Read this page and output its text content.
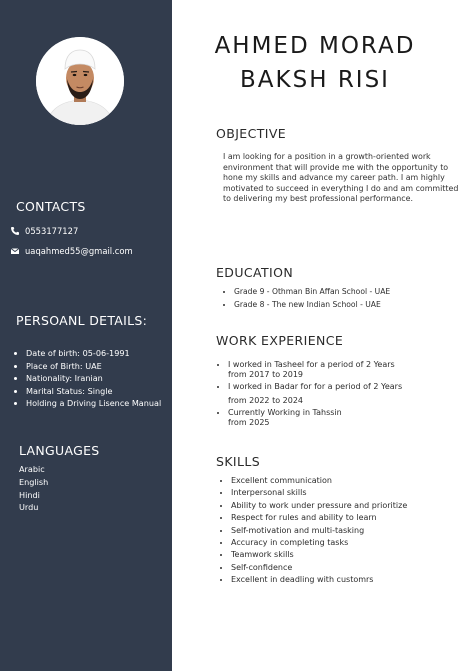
CONTACTS
0553177127
uaqahmed55@gmail.com
PERSOANL DETAILS:
• Date of birth: 05-06-1991
• Place of Birth: UAE
• Nationality: Iranian
• Marital Status: Single
• Holding a Driving Lisence Manual
LANGUAGES
Arabic
English
Hindi
Urdu
AHMED MORAD
BAKSH RISI
OBJECTIVE

I am looking for a position in a growth-oriented work environment that will provide me with the opportunity to hone my skills and advance my career path. I am highly motivated to succeed in everything I do and am committed to delivering my best professional performance.

EDUCATION
• Grade 9 - Othman Bin Affan School - UAE
• Grade 8 - The new Indian School - UAE
WORK EXPERIENCE
• I worked in Tasheel for a period of 2 Years
from 2017 to 2019
• I worked in Badar for for a period of 2 Years
from 2022 to 2024
• Currently Working in Tahssin
from 2025
SKILLS
• Excellent communication
• Interpersonal skills
• Ability to work under pressure and prioritize
• Respect for rules and ability to learn
• Self-motivation and multi-tasking
• Accuracy in completing tasks
• Teamwork skills
• Self-confidence
• Excellent in deadling with customrs
